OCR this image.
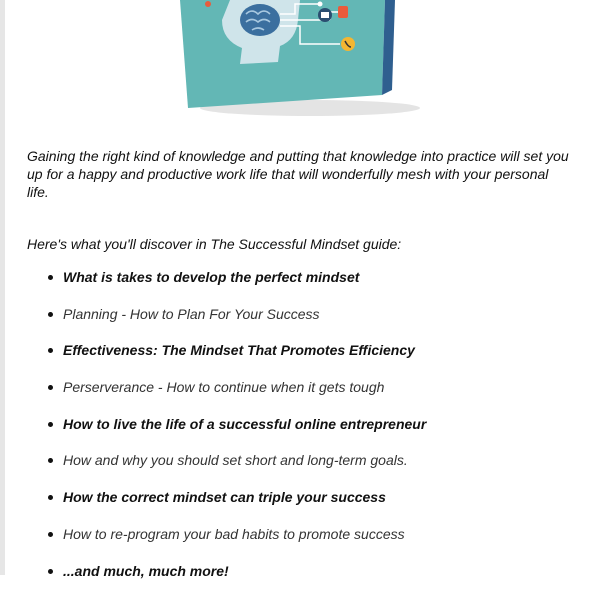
Gaining the right kind of knowledge and putting that knowledge into practice will set you up for a happy and productive work life that will wonderfully mesh with your personal life.

Here's what you'll discover in The Successful Mindset guide:

What is takes to develop the perfect mindset
Planning - How to Plan For Your Success
Effectiveness: The Mindset That Promotes Efficiency
Perserverance - How to continue when it gets tough
How to live the life of a successful online entrepreneur
How and why you should set short and long-term goals.
How the correct mindset can triple your success
How to re-program your bad habits to promote success
...and much, much more!
